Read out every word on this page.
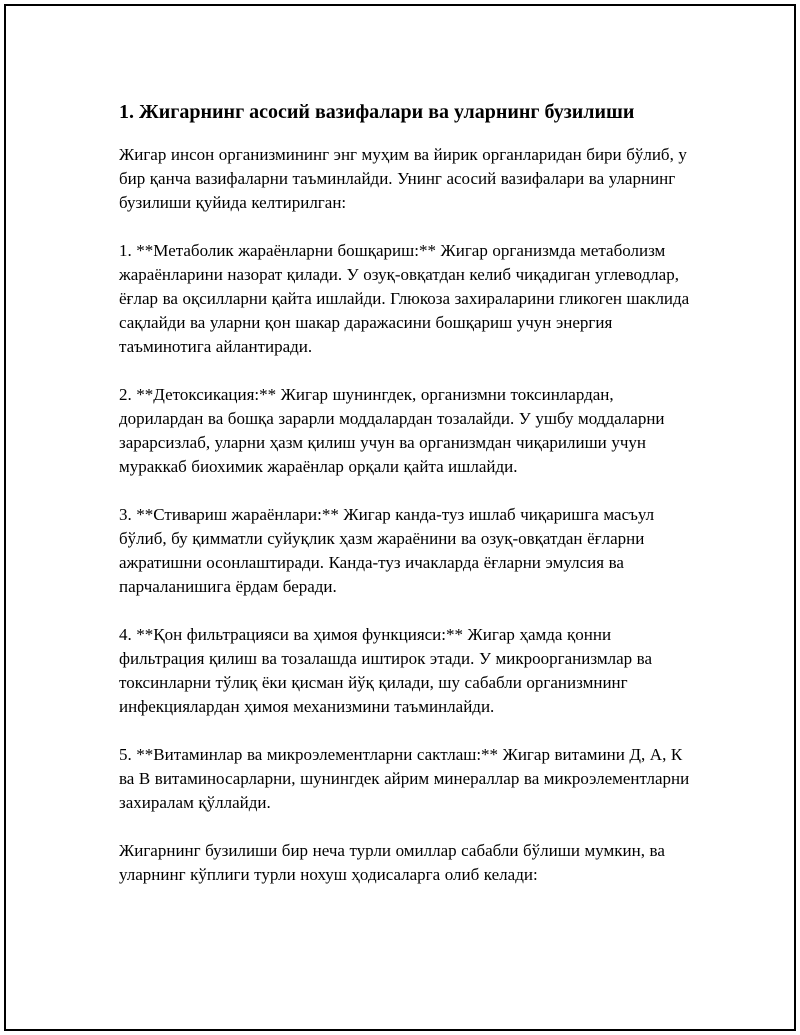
1. Жигарнинг асосий вазифалари ва уларнинг бузилиши

Жигар инсон организмининг энг муҳим ва йирик органларидан бири бўлиб, у бир қанча вазифаларни таъминлайди. Унинг асосий вазифалари ва уларнинг бузилиши қуйида келтирилган:

1. **Метаболик жараёнларни бошқариш:** Жигар организмда метаболизм жараёнларини назорат қилади. У озуқ-овқатдан келиб чиқадиган углеводлар, ёғлар ва оқсилларни қайта ишлайди. Глюкоза захираларини гликоген шаклида сақлайди ва уларни қон шакар даражасини бошқариш учун энергия таъминотига айлантиради.

2. **Детоксикация:** Жигар шунингдек, организмни токсинлардан, дорилардан ва бошқа зарарли моддалардан тозалайди. У ушбу моддаларни зарарсизлаб, уларни ҳазм қилиш учун ва организмдан чиқарилиши учун мураккаб биохимик жараёнлар орқали қайта ишлайди.

3. **Стивариш жараёнлари:** Жигар канда-туз ишлаб чиқаришга масъул бўлиб, бу қимматли суйуқлик ҳазм жараёнини ва озуқ-овқатдан ёғларни ажратишни осонлаштиради. Канда-туз ичакларда ёғларни эмулсия ва парчаланишига ёрдам беради.

4. **Қон фильтрацияси ва ҳимоя функцияси:** Жигар ҳамда қонни фильтрация қилиш ва тозалашда иштирок этади. У микроорганизмлар ва токсинларни тўлиқ ёки қисман йўқ қилади, шу сабабли организмнинг инфекциялардан ҳимоя механизмини таъминлайди.

5. **Витаминлар ва микроэлементларни сактлаш:** Жигар витамини Д, А, К ва В витаминосарларни, шунингдек айрим минераллар ва микроэлементларни захиралам қўллайди.

Жигарнинг бузилиши бир неча турли омиллар сабабли бўлиши мумкин, ва уларнинг кўплиги турли нохуш ҳодисаларга олиб келади:
